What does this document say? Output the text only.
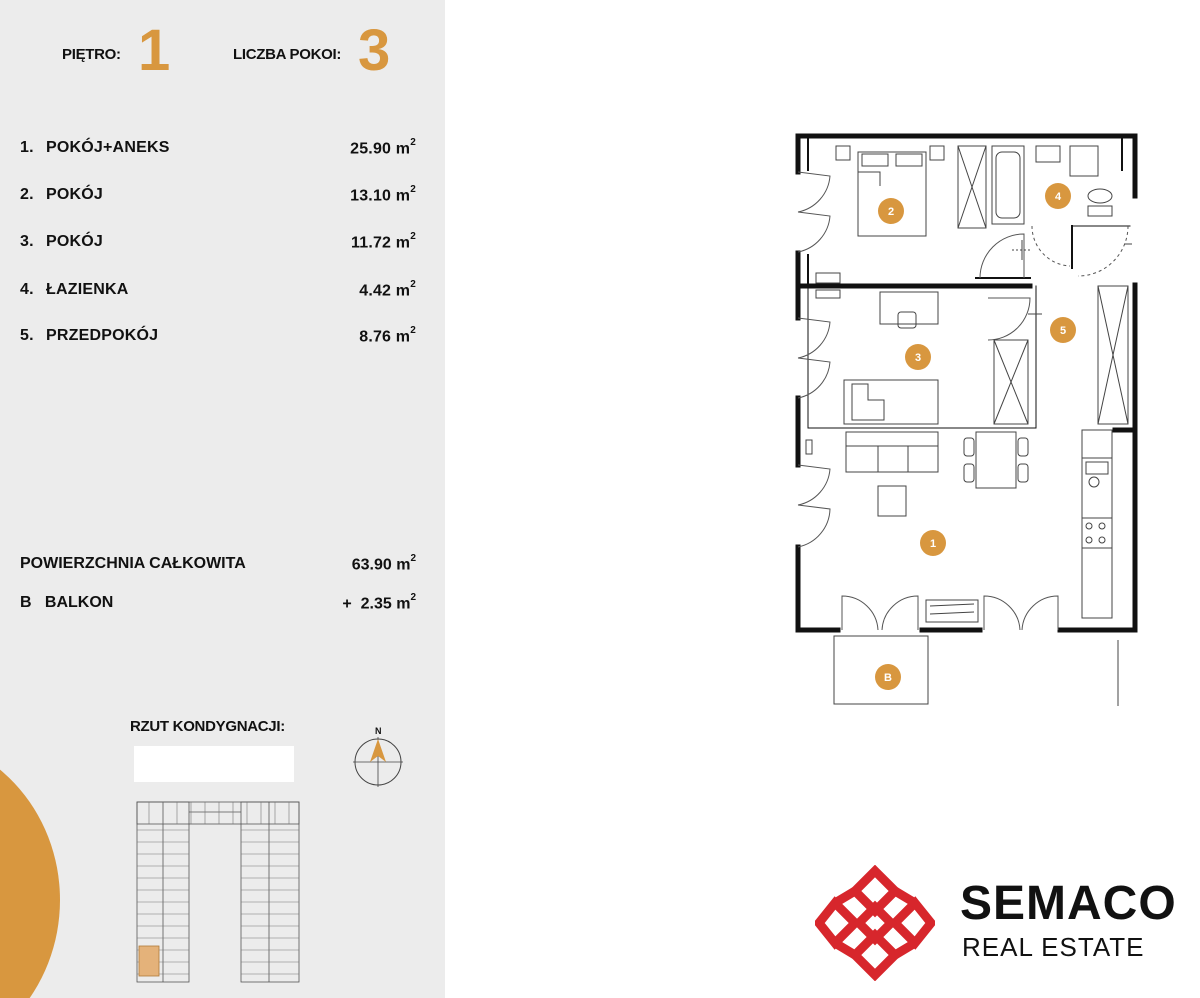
PIĘTRO: 1	LICZBA POKOI: 3
1. POKÓJ+ANEKS	25.90 $m^2$
2. POKÓJ	13.10 $m^2$
3. POKÓJ	11.72 $m^2$
4. ŁAZIENKA	4.42 $m^2$
5. PRZEDPOKÓJ	8.76 $m^2$
POWIERZCHNIA CAŁKOWITA	63.90 $m^2$
B   BALKON	+  2.35 $m^2$
RZUT KONDYGNACJI:	N
2
4
5
3
1
B
SEMACO
REAL ESTATE
